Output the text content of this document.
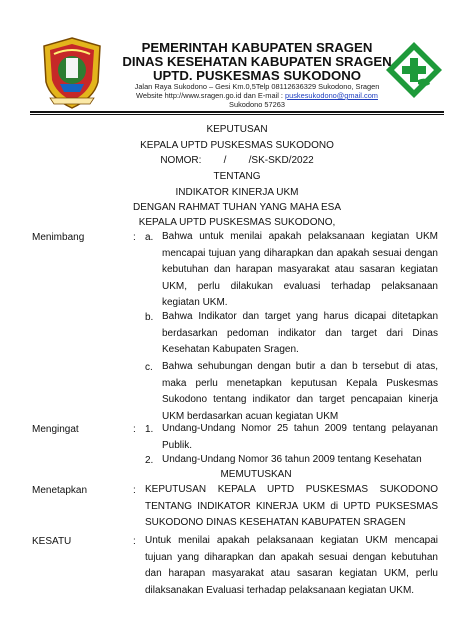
PEMERINTAH KABUPATEN SRAGEN
DINAS KESEHATAN KABUPATEN SRAGEN
UPTD. PUSKESMAS SUKODONO
Jalan Raya Sukodono – Gesi Km.0,5Telp 08112636329 Sukodono, Sragen
Website http://www.sragen.go.id dan E-mail : puskesukodono@gmail.com
Sukodono 57263
KEPUTUSAN
KEPALA UPTD PUSKESMAS SUKODONO
NOMOR:        /        /SK-SKD/2022
TENTANG
INDIKATOR KINERJA UKM
DENGAN RAHMAT TUHAN YANG MAHA ESA
KEPALA UPTD PUSKESMAS SUKODONO,
Menimbang	: a. Bahwa untuk menilai apakah pelaksanaan kegiatan UKM mencapai tujuan yang diharapkan dan apakah sesuai dengan kebutuhan dan harapan masyarakat atau sasaran kegiatan UKM, perlu dilakukan evaluasi terhadap pelaksanaan kegiatan UKM.
b. Bahwa Indikator dan target yang harus dicapai ditetapkan berdasarkan pedoman indikator dan target dari Dinas Kesehatan Kabupaten Sragen.
c. Bahwa sehubungan dengan butir a dan b tersebut di atas, maka perlu menetapkan keputusan Kepala Puskesmas Sukodono tentang indikator dan target pencapaian kinerja UKM berdasarkan acuan kegiatan UKM
Mengingat	: 1. Undang-Undang Nomor 25 tahun 2009 tentang pelayanan Publik.
2. Undang-Undang Nomor 36 tahun 2009 tentang Kesehatan
MEMUTUSKAN
Menetapkan	: KEPUTUSAN KEPALA UPTD PUSKESMAS SUKODONO TENTANG INDIKATOR KINERJA UKM di UPTD PUKSESMAS SUKODONO DINAS KESEHATAN KABUPATEN SRAGEN
KESATU	: Untuk menilai apakah pelaksanaan kegiatan UKM mencapai tujuan yang diharapkan dan apakah sesuai dengan kebutuhan dan harapan masyarakat atau sasaran kegiatan UKM, perlu dilaksanakan Evaluasi terhadap pelaksanaan kegiatan UKM.
